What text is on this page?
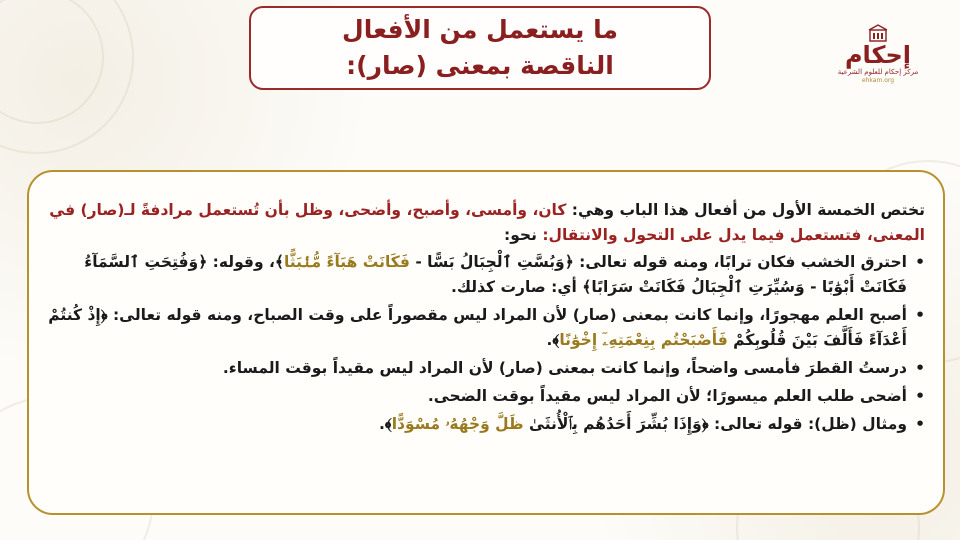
ما يستعمل من الأفعال
الناقصة بمعنى (صار):	إحكام
مركز إحكام للعلوم الشرعية
ehkam.org

تختص الخمسة الأول من أفعال هذا الباب وهي: كان، وأمسى، وأصبح، وأضحى، وظل بأن تُستعمل مرادفةً لـ(صار) في المعنى، فتستعمل فيما يدل على التحول والانتقال: نحو:

• احترق الخشب فكان ترابًا، ومنه قوله تعالى: ﴿وَبُسَّتِ ٱلْجِبَالُ بَسًّا - فَكَانَتْ هَبَآءً مُّنۢبَثًّا﴾، وقوله: ﴿وَفُتِحَتِ ٱلسَّمَآءُ فَكَانَتْ أَبْوَٰبًا - وَسُيِّرَتِ ٱلْجِبَالُ فَكَانَتْ سَرَابًا﴾ أي: صارت كذلك.
• أصبح العلم مهجورًا، وإنما كانت بمعنى (صار) لأن المراد ليس مقصوراً على وقت الصباح، ومنه قوله تعالى: ﴿إِذْ كُنتُمْ أَعْدَآءً فَأَلَّفَ بَيْنَ قُلُوبِكُمْ فَأَصْبَحْتُم بِنِعْمَتِهِۦٓ إِخْوَٰنًا﴾.
• درستُ القطرَ فأمسى واضحاً، وإنما كانت بمعنى (صار) لأن المراد ليس مقيداً بوقت المساء.
• أضحى طلب العلم ميسورًا؛ لأن المراد ليس مقيداً بوقت الضحى.
• ومثال (ظل): قوله تعالى: ﴿وَإِذَا بُشِّرَ أَحَدُهُم بِٱلْأُنثَىٰ ظَلَّ وَجْهُهُۥ مُسْوَدًّا﴾.
